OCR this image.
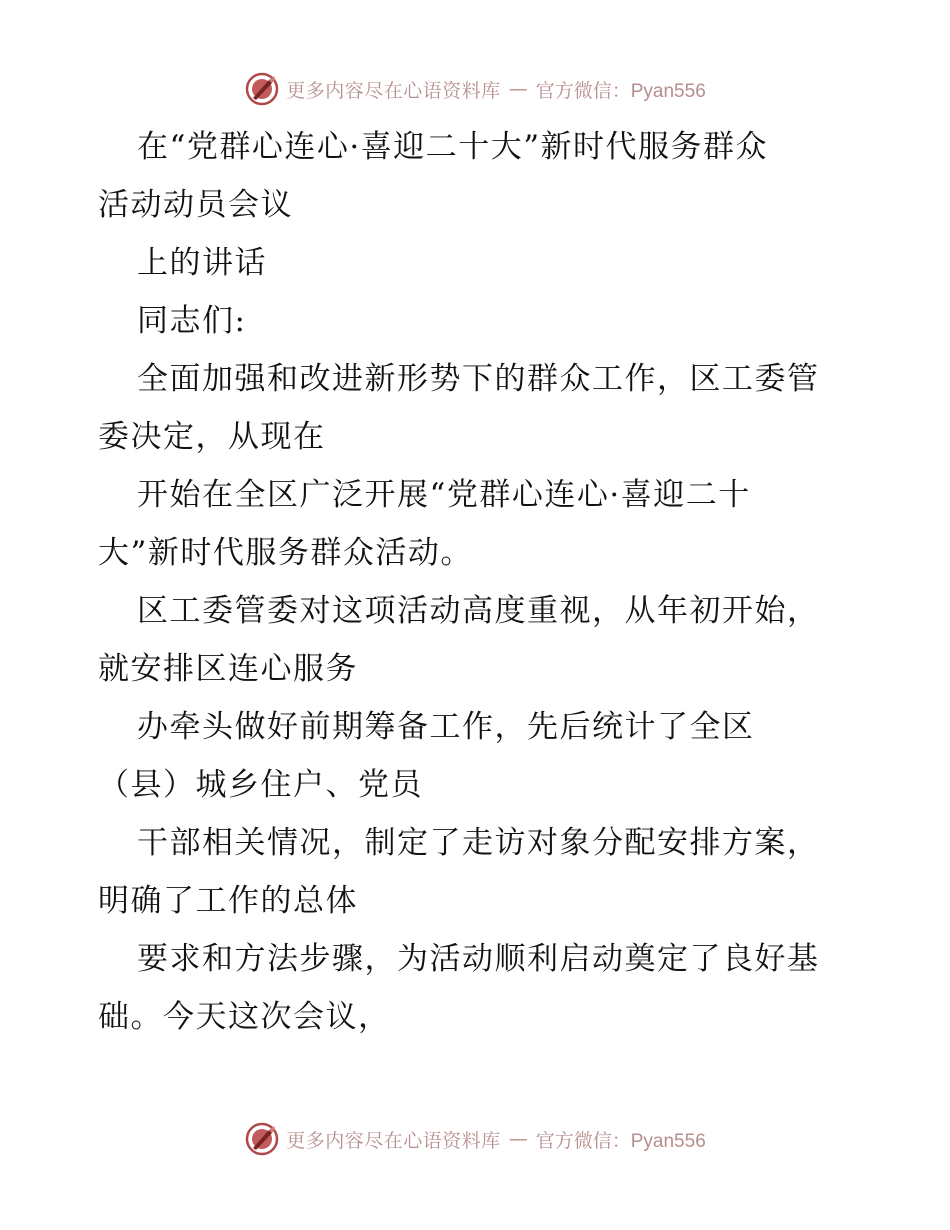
更多内容尽在心语资料库 — 官方微信：Pyan556
在“党群心连心·喜迎二十大”新时代服务群众
活动动员会议
上的讲话
同志们:
全面加强和改进新形势下的群众工作，区工委管
委决定，从现在
开始在全区广泛开展“党群心连心·喜迎二十
大”新时代服务群众活动。
区工委管委对这项活动高度重视，从年初开始，
就安排区连心服务
办牵头做好前期筹备工作，先后统计了全区
（县）城乡住户、党员
干部相关情况，制定了走访对象分配安排方案，
明确了工作的总体
要求和方法步骤，为活动顺利启动奠定了良好基
础。今天这次会议，
更多内容尽在心语资料库 — 官方微信：Pyan556
